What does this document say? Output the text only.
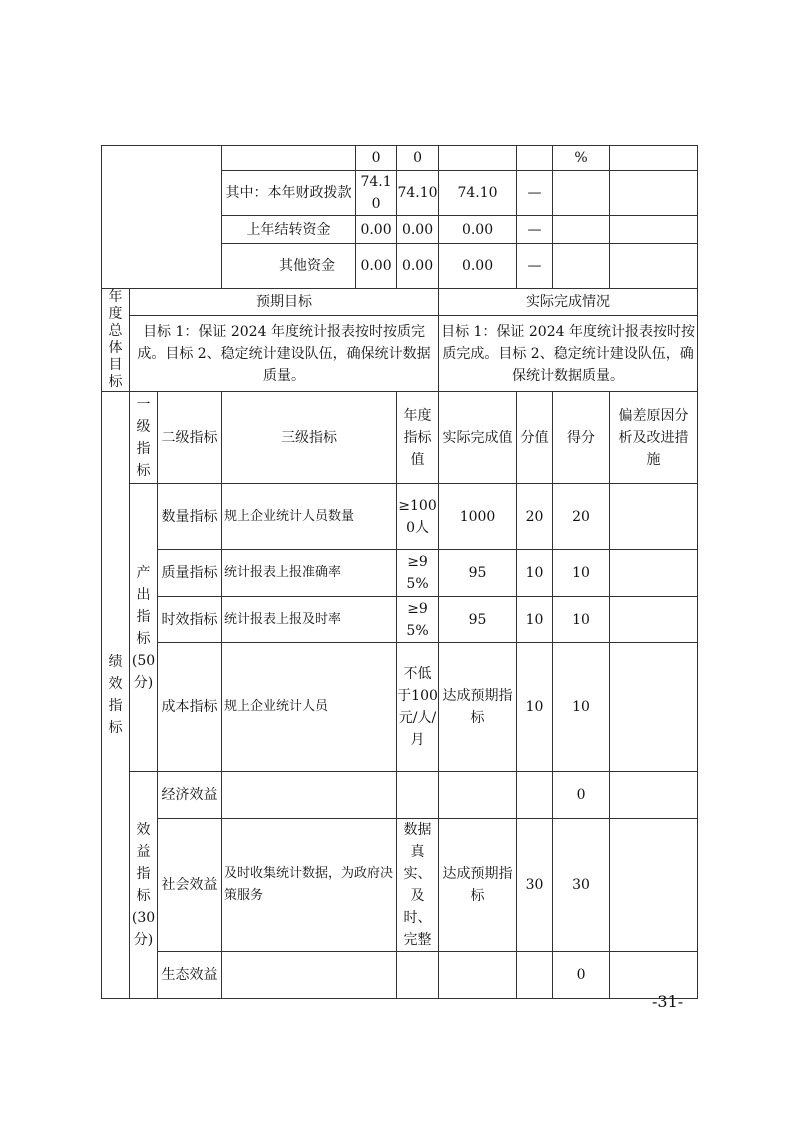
				0	0			%	
			其中：本年财政拨款	74.10	74.10	74.10	—		
			上年结转资金	0.00	0.00	0.00	—		
			其他资金	0.00	0.00	0.00	—		
年度总体目标	预期目标					实际完成情况			
	目标 1：保证 2024 年度统计报表按时按质完成。目标 2、稳定统计建设队伍，确保统计数据质量。					目标 1：保证 2024 年度统计报表按时按质完成。目标 2、稳定统计建设队伍，确保统计数据质量。			
绩效指标	一级指标	二级指标	三级指标		年度指标值	实际完成值	分值	得分	偏差原因分析及改进措施
	产出指标(50分)	数量指标	规上企业统计人员数量		≥1000人	1000	20	20	
		质量指标	统计报表上报准确率		≥95%	95	10	10	
		时效指标	统计报表上报及时率		≥95%	95	10	10	
		成本指标	规上企业统计人员		不低于100元/人/月	达成预期指标	10	10	
	效益指标(30分)	经济效益						0	
		社会效益	及时收集统计数据，为政府决策服务		数据真实、及时、完整	达成预期指标	30	30	
		生态效益						0	
-31-
